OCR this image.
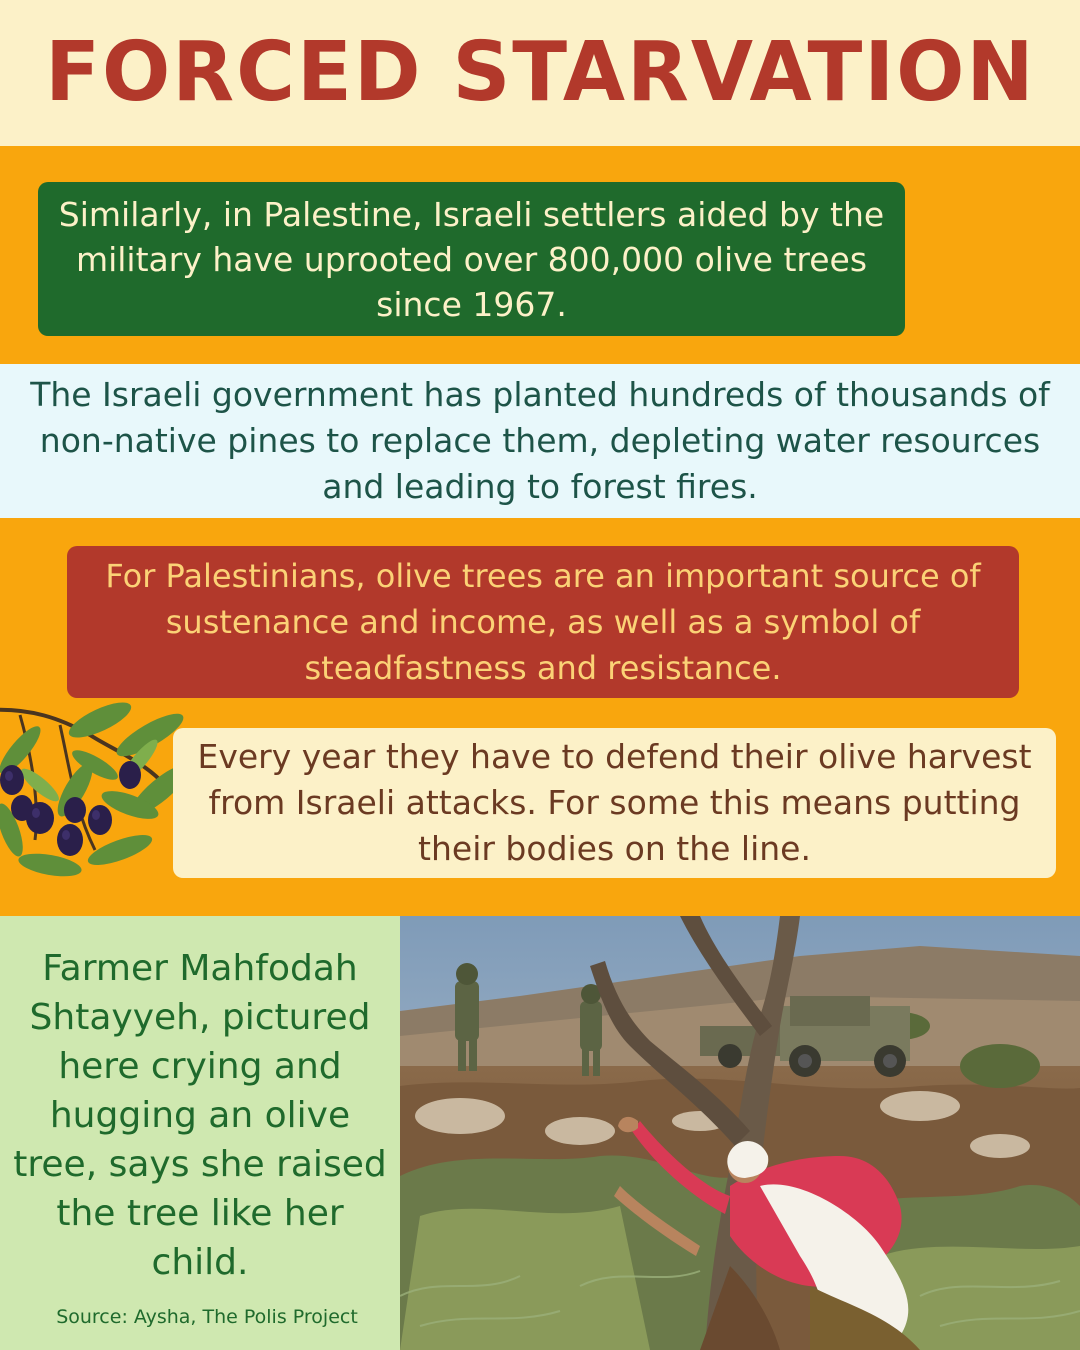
FORCED STARVATION

Similarly, in Palestine, Israeli settlers aided by the military have uprooted over 800,000 olive trees since 1967.

The Israeli government has planted hundreds of thousands of non-native pines to replace them, depleting water resources and leading to forest fires.

For Palestinians, olive trees are an important source of sustenance and income, as well as a symbol of steadfastness and resistance.

Every year they have to defend their olive harvest from Israeli attacks. For some this means putting their bodies on the line.

Farmer Mahfodah Shtayyeh, pictured here crying and hugging an olive tree, says she raised the tree like her child.

Source: Aysha, The Polis Project
